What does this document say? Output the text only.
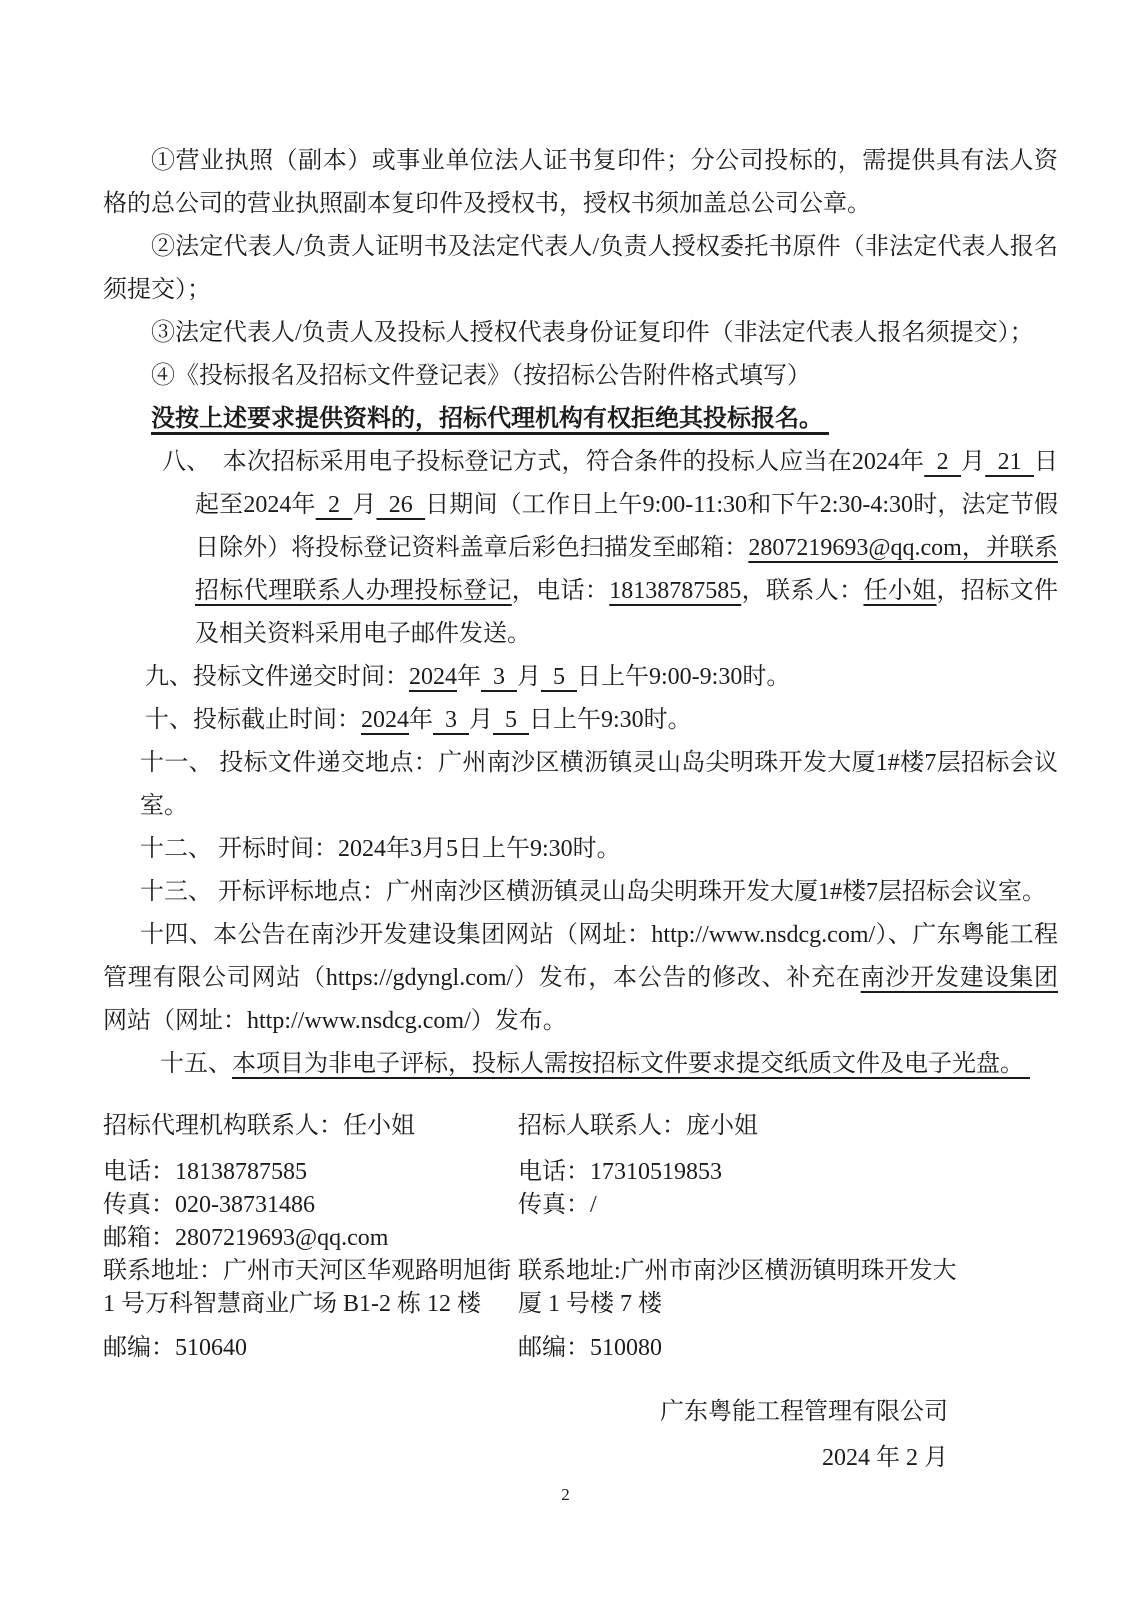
①营业执照（副本）或事业单位法人证书复印件；分公司投标的，需提供具有法人资格的总公司的营业执照副本复印件及授权书，授权书须加盖总公司公章。

②法定代表人/负责人证明书及法定代表人/负责人授权委托书原件（非法定代表人报名须提交）；

③法定代表人/负责人及投标人授权代表身份证复印件（非法定代表人报名须提交）；

④《投标报名及招标文件登记表》（按招标公告附件格式填写）

没按上述要求提供资料的，招标代理机构有权拒绝其投标报名。

八、  本次招标采用电子投标登记方式，符合条件的投标人应当在2024年  2  月  21  日起至2024年  2  月  26  日期间（工作日上午9:00-11:30和下午2:30-4:30时，法定节假日除外）将投标登记资料盖章后彩色扫描发至邮箱：2807219693@qq.com，并联系招标代理联系人办理投标登记，电话：18138787585，联系人：任小姐，招标文件及相关资料采用电子邮件发送。

九、投标文件递交时间：2024年  3  月  5  日上午9:00-9:30时。

十、投标截止时间：2024年  3  月  5  日上午9:30时。

十一、 投标文件递交地点：广州南沙区横沥镇灵山岛尖明珠开发大厦1#楼7层招标会议室。

十二、 开标时间：2024年3月5日上午9:30时。

十三、 开标评标地点：广州南沙区横沥镇灵山岛尖明珠开发大厦1#楼7层招标会议室。

十四、本公告在南沙开发建设集团网站（网址：http://www.nsdcg.com/）、广东粤能工程管理有限公司网站（https://gdyngl.com/）发布，本公告的修改、补充在南沙开发建设集团网站（网址：http://www.nsdcg.com/）发布。

十五、本项目为非电子评标，投标人需按招标文件要求提交纸质文件及电子光盘。

招标代理机构联系人：任小姐
电话：18138787585
传真：020-38731486
邮箱：2807219693@qq.com
联系地址：广州市天河区华观路明旭街 1 号万科智慧商业广场 B1-2 栋 12 楼
邮编：510640
招标人联系人：庞小姐
电话：17310519853
传真：/
联系地址:广州市南沙区横沥镇明珠开发大厦 1 号楼 7 楼
邮编：510080
广东粤能工程管理有限公司
2024 年 2 月
2
